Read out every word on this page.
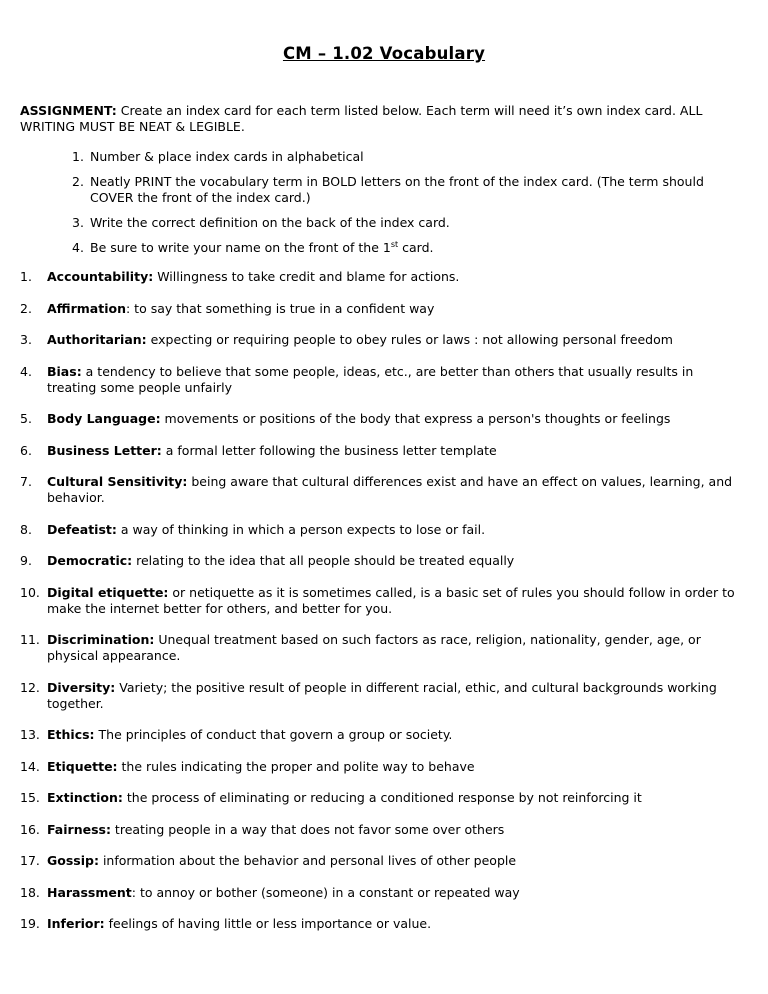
CM – 1.02 Vocabulary
ASSIGNMENT: Create an index card for each term listed below. Each term will need it’s own index card. ALL WRITING MUST BE NEAT & LEGIBLE.
1. Number & place index cards in alphabetical
2. Neatly PRINT the vocabulary term in BOLD letters on the front of the index card. (The term should COVER the front of the index card.)
3. Write the correct definition on the back of the index card.
4. Be sure to write your name on the front of the 1st card.
1. Accountability: Willingness to take credit and blame for actions.
2. Affirmation: to say that something is true in a confident way
3. Authoritarian: expecting or requiring people to obey rules or laws : not allowing personal freedom
4. Bias: a tendency to believe that some people, ideas, etc., are better than others that usually results in treating some people unfairly
5. Body Language: movements or positions of the body that express a person's thoughts or feelings
6. Business Letter: a formal letter following the business letter template
7. Cultural Sensitivity: being aware that cultural differences exist and have an effect on values, learning, and behavior.
8. Defeatist: a way of thinking in which a person expects to lose or fail.
9. Democratic: relating to the idea that all people should be treated equally
10. Digital etiquette: or netiquette as it is sometimes called, is a basic set of rules you should follow in order to make the internet better for others, and better for you.
11. Discrimination: Unequal treatment based on such factors as race, religion, nationality, gender, age, or physical appearance.
12. Diversity: Variety; the positive result of people in different racial, ethic, and cultural backgrounds working together.
13. Ethics: The principles of conduct that govern a group or society.
14. Etiquette: the rules indicating the proper and polite way to behave
15. Extinction: the process of eliminating or reducing a conditioned response by not reinforcing it
16. Fairness: treating people in a way that does not favor some over others
17. Gossip: information about the behavior and personal lives of other people
18. Harassment: to annoy or bother (someone) in a constant or repeated way
19. Inferior: feelings of having little or less importance or value.
